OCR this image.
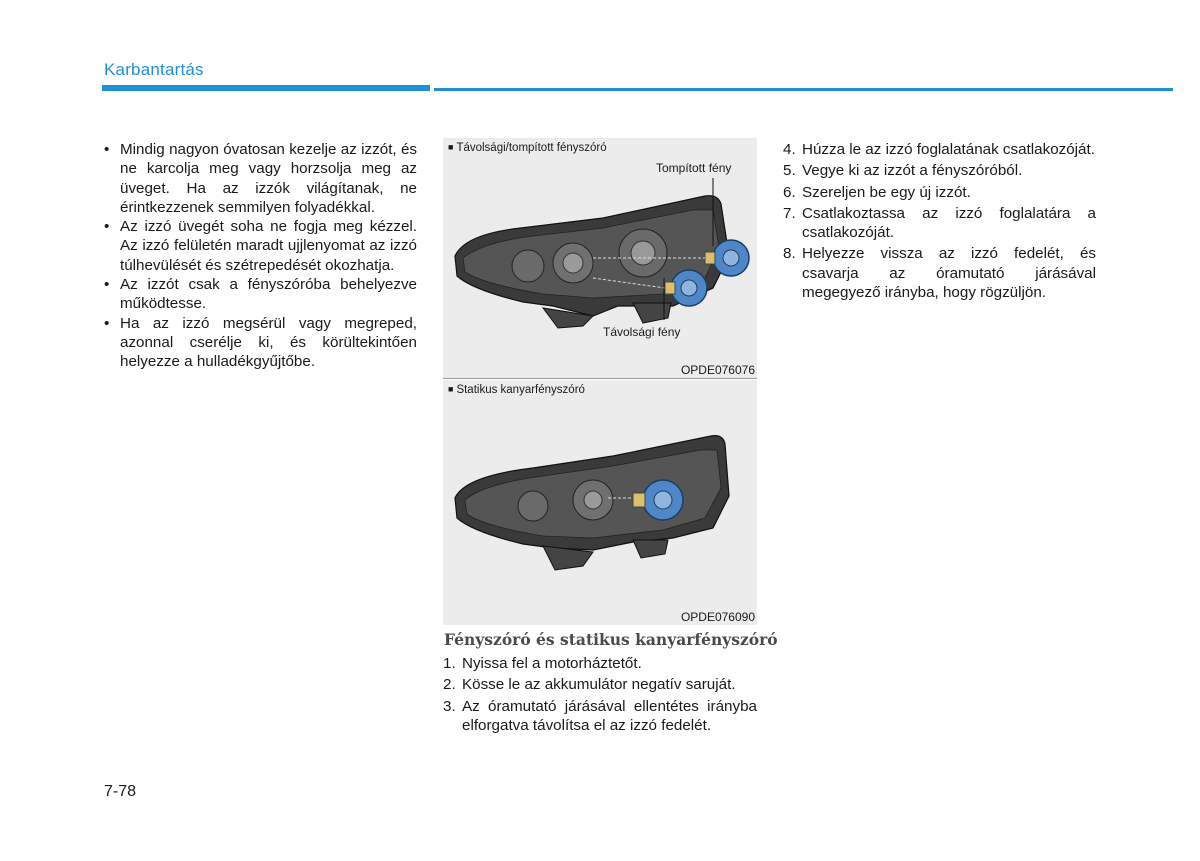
Karbantartás
• Mindig nagyon óvatosan kezelje az izzót, és ne karcolja meg vagy horzsolja meg az üveget. Ha az izzók világítanak, ne érintkezzenek semmilyen folyadékkal.
• Az izzó üvegét soha ne fogja meg kézzel. Az izzó felületén maradt ujjlenyomat az izzó túlhevülését és szétrepedését okozhatja.
• Az izzót csak a fényszóróba behelyezve működtesse.
• Ha az izzó megsérül vagy megreped, azonnal cserélje ki, és körültekintően helyezze a hulladékgyűjtőbe.
■ Távolsági/tompított fényszóró
Tompított fény
Távolsági fény
OPDE076076
■ Statikus kanyarfényszóró
OPDE076090
Fényszóró és statikus kanyarfényszóró
1. Nyissa fel a motorháztetőt.
2. Kösse le az akkumulátor negatív saruját.
3. Az óramutató járásával ellentétes irányba elforgatva távolítsa el az izzó fedelét.
4. Húzza le az izzó foglalatának csatlakozóját.
5. Vegye ki az izzót a fényszóróból.
6. Szereljen be egy új izzót.
7. Csatlakoztassa az izzó foglalatára a csatlakozóját.
8. Helyezze vissza az izzó fedelét, és csavarja az óramutató járásával megegyező irányba, hogy rögzüljön.
7-78
